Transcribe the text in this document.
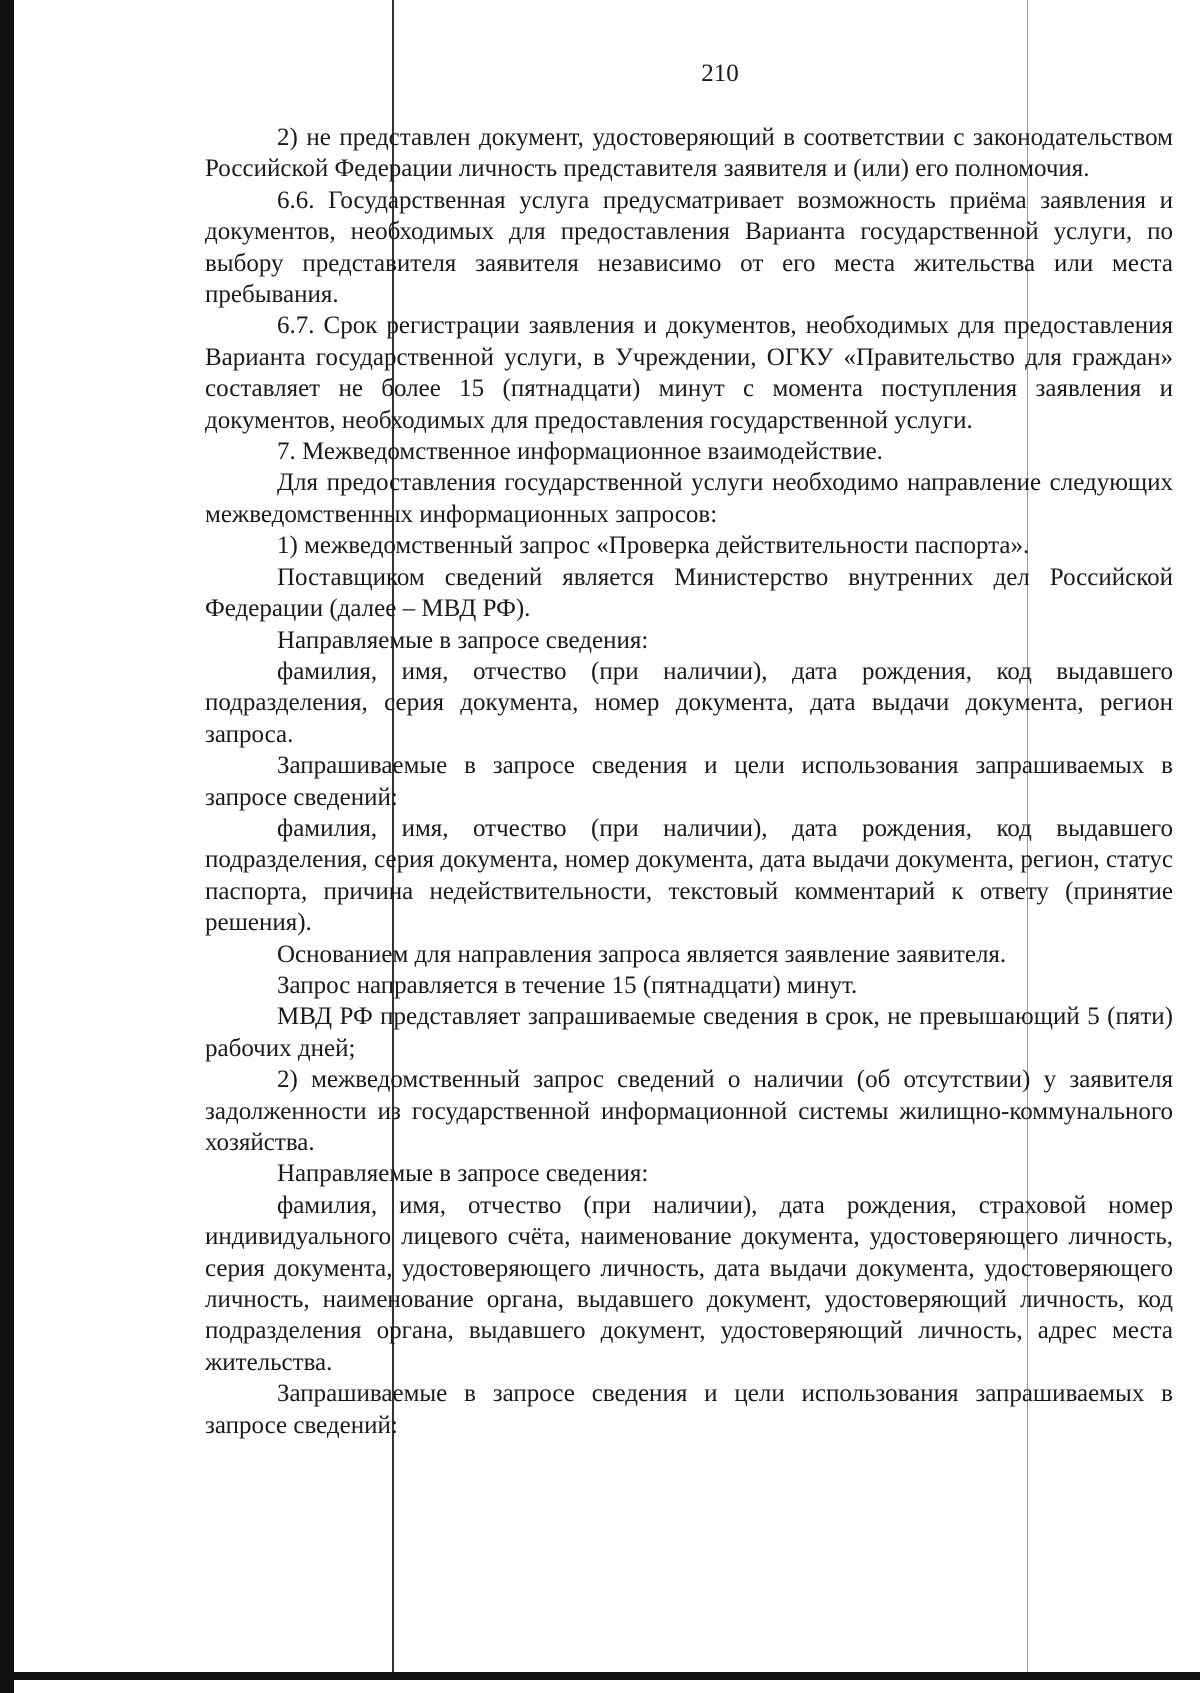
210

2) не представлен документ, удостоверяющий в соответствии с законодательством Российской Федерации личность представителя заявителя и (или) его полномочия.

6.6. Государственная услуга предусматривает возможность приёма заявления и документов, необходимых для предоставления Варианта государственной услуги, по выбору представителя заявителя независимо от его места жительства или места пребывания.

6.7. Срок регистрации заявления и документов, необходимых для предоставления Варианта государственной услуги, в Учреждении, ОГКУ «Правительство для граждан» составляет не более 15 (пятнадцати) минут с момента поступления заявления и документов, необходимых для предоставления государственной услуги.

7. Межведомственное информационное взаимодействие.

Для предоставления государственной услуги необходимо направление следующих межведомственных информационных запросов:

1) межведомственный запрос «Проверка действительности паспорта».

Поставщиком сведений является Министерство внутренних дел Российской Федерации (далее – МВД РФ).

Направляемые в запросе сведения:

фамилия, имя, отчество (при наличии), дата рождения, код выдавшего подразделения, серия документа, номер документа, дата выдачи документа, регион запроса.

Запрашиваемые в запросе сведения и цели использования запрашиваемых в запросе сведений:

фамилия, имя, отчество (при наличии), дата рождения, код выдавшего подразделения, серия документа, номер документа, дата выдачи документа, регион, статус паспорта, причина недействительности, текстовый комментарий к ответу (принятие решения).

Основанием для направления запроса является заявление заявителя.

Запрос направляется в течение 15 (пятнадцати) минут.

МВД РФ представляет запрашиваемые сведения в срок, не превышающий 5 (пяти) рабочих дней;

2) межведомственный запрос сведений о наличии (об отсутствии) у заявителя задолженности из государственной информационной системы жилищно-коммунального хозяйства.

Направляемые в запросе сведения:

фамилия, имя, отчество (при наличии), дата рождения, страховой номер индивидуального лицевого счёта, наименование документа, удостоверяющего личность, серия документа, удостоверяющего личность, дата выдачи документа, удостоверяющего личность, наименование органа, выдавшего документ, удостоверяющий личность, код подразделения органа, выдавшего документ, удостоверяющий личность, адрес места жительства.

Запрашиваемые в запросе сведения и цели использования запрашиваемых в запросе сведений:
